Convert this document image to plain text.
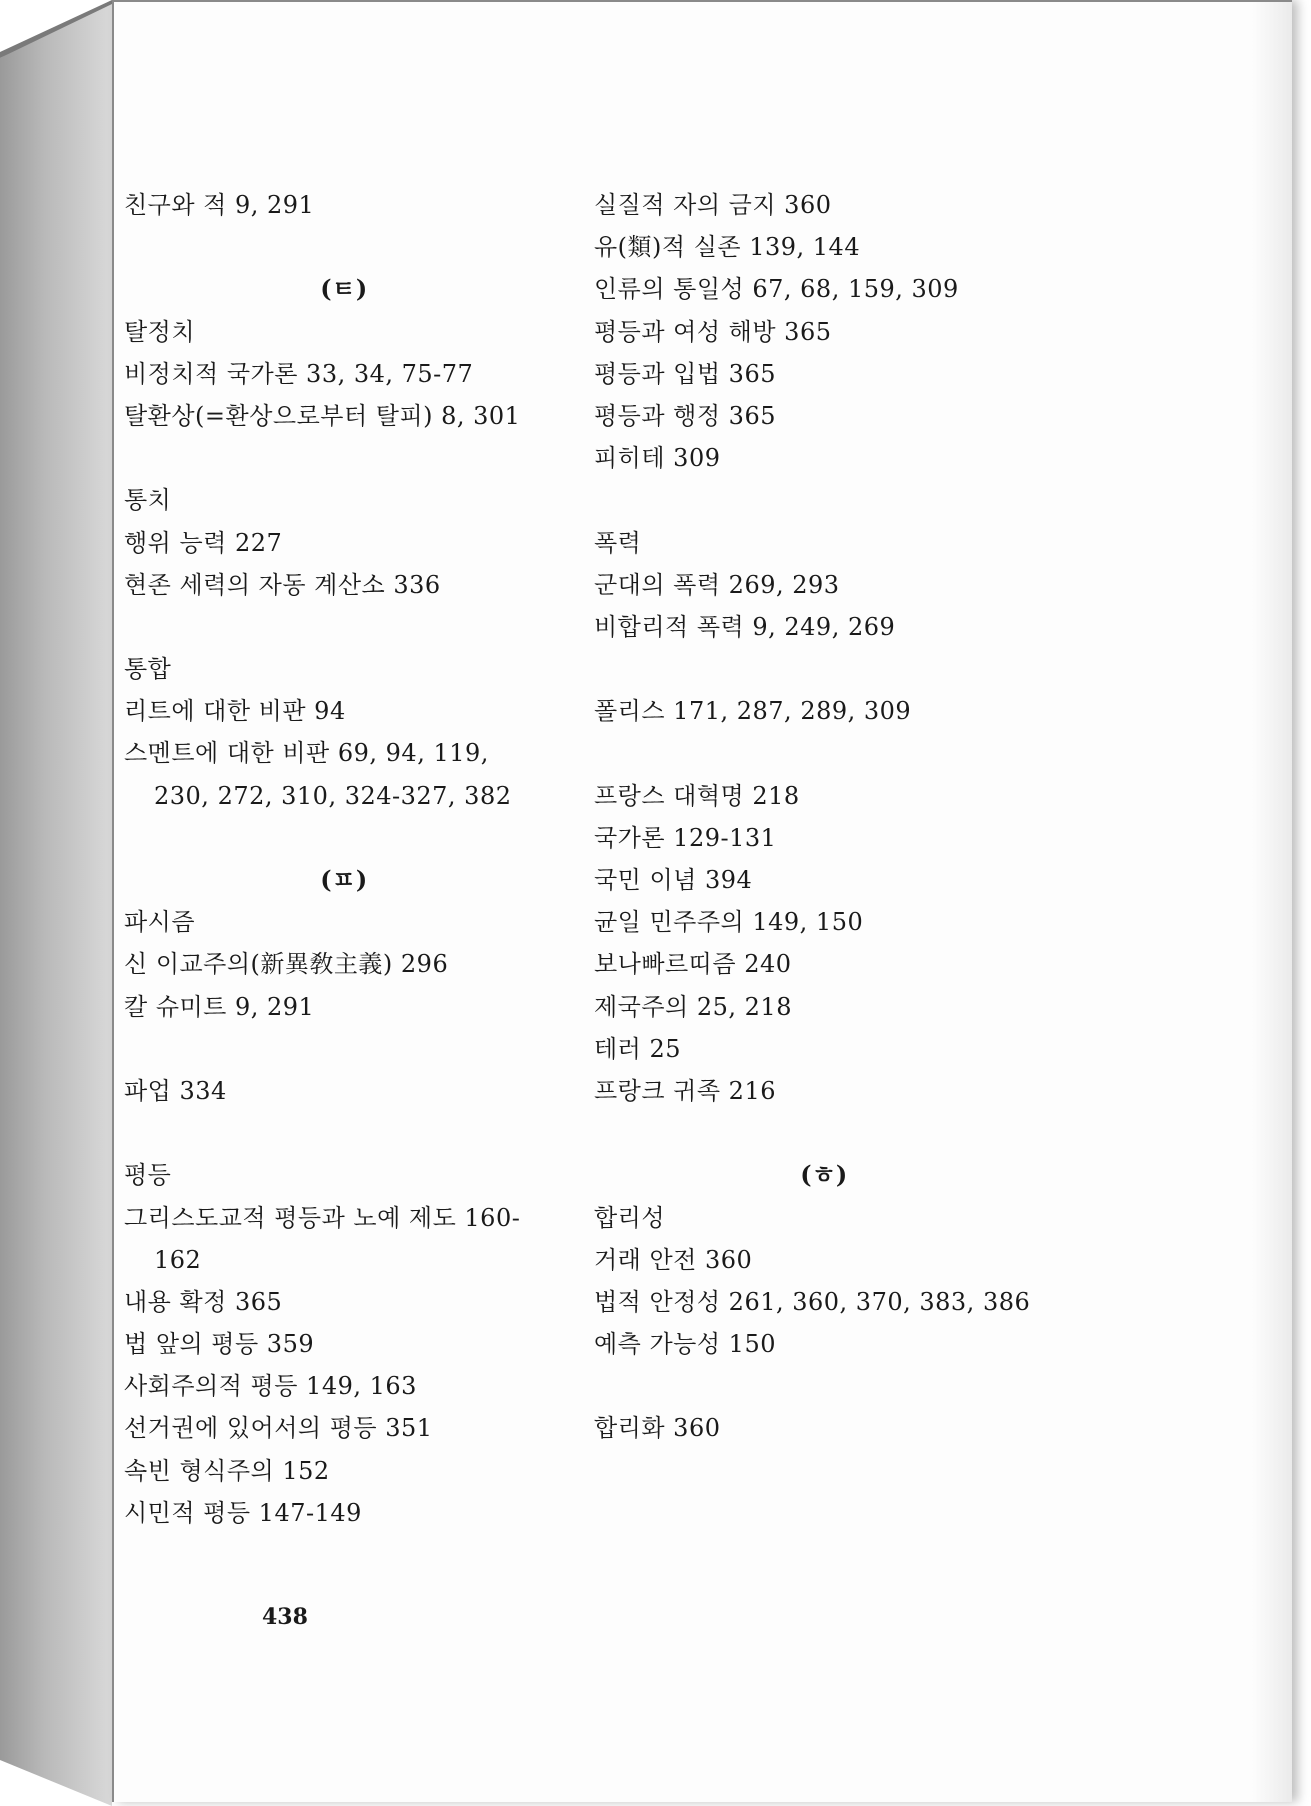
친구와 적 9, 291
(ㅌ)
탈정치
비정치적 국가론 33, 34, 75-77
탈환상(=환상으로부터 탈피) 8, 301
통치
행위 능력 227
현존 세력의 자동 계산소 336
통합
리트에 대한 비판 94
스멘트에 대한 비판 69, 94, 119,
230, 272, 310, 324-327, 382
(ㅍ)
파시즘
신 이교주의(新異敎主義) 296
칼 슈미트 9, 291
파업 334
평등
그리스도교적 평등과 노예 제도 160-
162
내용 확정 365
법 앞의 평등 359
사회주의적 평등 149, 163
선거권에 있어서의 평등 351
속빈 형식주의 152
시민적 평등 147-149
실질적 자의 금지 360
유(類)적 실존 139, 144
인류의 통일성 67, 68, 159, 309
평등과 여성 해방 365
평등과 입법 365
평등과 행정 365
피히테 309
폭력
군대의 폭력 269, 293
비합리적 폭력 9, 249, 269
폴리스 171, 287, 289, 309
프랑스 대혁명 218
국가론 129-131
국민 이념 394
균일 민주주의 149, 150
보나빠르띠즘 240
제국주의 25, 218
테러 25
프랑크 귀족 216
(ㅎ)
합리성
거래 안전 360
법적 안정성 261, 360, 370, 383, 386
예측 가능성 150
합리화 360
438
